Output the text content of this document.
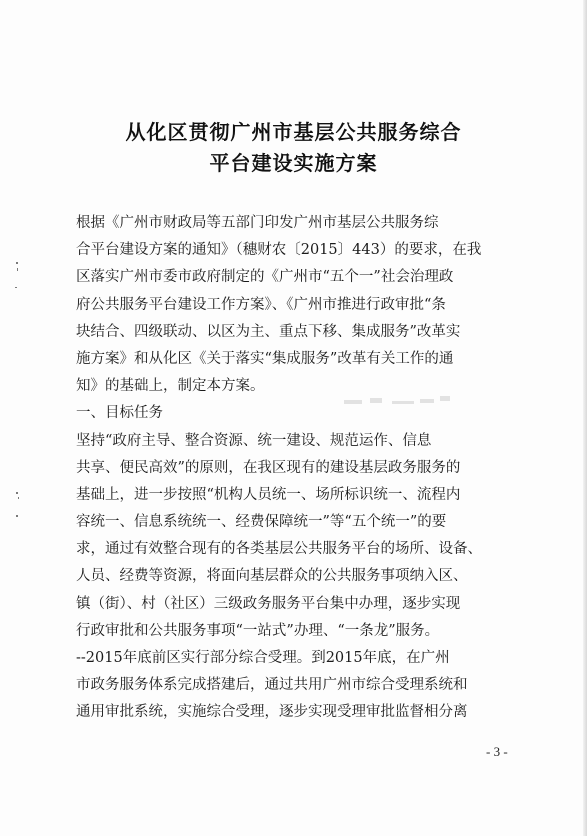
从化区贯彻广州市基层公共服务综合
平台建设实施方案
根据《广州市财政局等五部门印发广州市基层公共服务综
合平台建设方案的通知》（穗财农〔2015〕443）的要求，在我
区落实广州市委市政府制定的《广州市“五个一”社会治理政
府公共服务平台建设工作方案》、《广州市推进行政审批“条
块结合、四级联动、以区为主、重点下移、集成服务”改革实
施方案》和从化区《关于落实“集成服务”改革有关工作的通
知》的基础上，制定本方案。
一、目标任务
坚持“政府主导、整合资源、统一建设、规范运作、信息
共享、便民高效”的原则，在我区现有的建设基层政务服务的
基础上，进一步按照“机构人员统一、场所标识统一、流程内
容统一、信息系统统一、经费保障统一”等“五个统一”的要
求，通过有效整合现有的各类基层公共服务平台的场所、设备、
人员、经费等资源，将面向基层群众的公共服务事项纳入区、
镇（街）、村（社区）三级政务服务平台集中办理，逐步实现
行政审批和公共服务事项“一站式”办理、“一条龙”服务。
--2015年底前区实行部分综合受理。到2015年底，在广州
市政务服务体系完成搭建后，通过共用广州市综合受理系统和
通用审批系统，实施综合受理，逐步实现受理审批监督相分离
- 3 -
